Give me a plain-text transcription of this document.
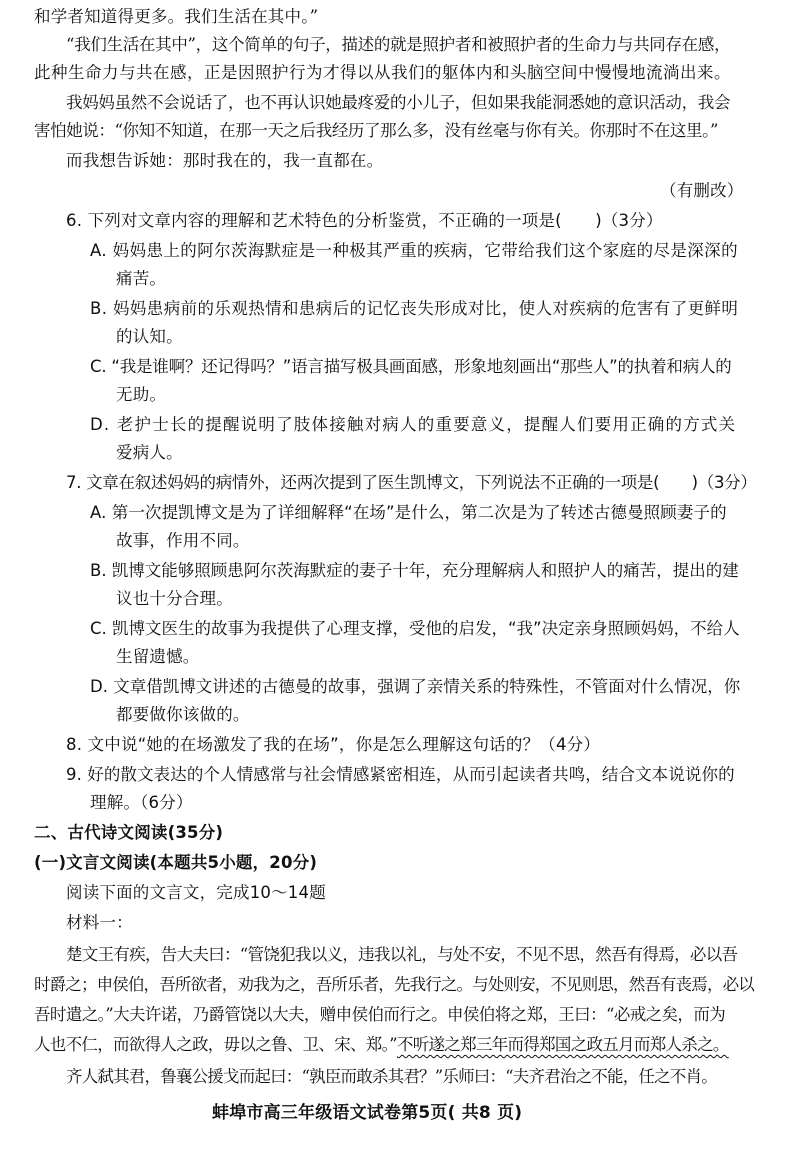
和学者知道得更多。我们生活在其中。”
“我们生活在其中”，这个简单的句子，描述的就是照护者和被照护者的生命力与共同存在感，
此种生命力与共在感，正是因照护行为才得以从我们的躯体内和头脑空间中慢慢地流淌出来。
我妈妈虽然不会说话了，也不再认识她最疼爱的小儿子，但如果我能洞悉她的意识活动，我会
害怕她说：“你知不知道，在那一天之后我经历了那么多，没有丝毫与你有关。你那时不在这里。”
而我想告诉她：那时我在的，我一直都在。
（有删改）
6. 下列对文章内容的理解和艺术特色的分析鉴赏，不正确的一项是(　　)（3分）
A. 妈妈患上的阿尔茨海默症是一种极其严重的疾病，它带给我们这个家庭的尽是深深的
痛苦。
B. 妈妈患病前的乐观热情和患病后的记忆丧失形成对比，使人对疾病的危害有了更鲜明
的认知。
C. “我是谁啊？还记得吗？”语言描写极具画面感，形象地刻画出“那些人”的执着和病人的
无助。
D. 老护士长的提醒说明了肢体接触对病人的重要意义，提醒人们要用正确的方式关
爱病人。
7. 文章在叙述妈妈的病情外，还两次提到了医生凯博文，下列说法不正确的一项是(　　)（3分）
A. 第一次提凯博文是为了详细解释“在场”是什么，第二次是为了转述古德曼照顾妻子的
故事，作用不同。
B. 凯博文能够照顾患阿尔茨海默症的妻子十年，充分理解病人和照护人的痛苦，提出的建
议也十分合理。
C. 凯博文医生的故事为我提供了心理支撑，受他的启发，“我”决定亲身照顾妈妈，不给人
生留遗憾。
D. 文章借凯博文讲述的古德曼的故事，强调了亲情关系的特殊性，不管面对什么情况，你
都要做你该做的。
8. 文中说“她的在场激发了我的在场”，你是怎么理解这句话的？（4分）
9. 好的散文表达的个人情感常与社会情感紧密相连，从而引起读者共鸣，结合文本说说你的
理解。（6分）
二、古代诗文阅读(35分)
(一)文言文阅读(本题共5小题，20分)
阅读下面的文言文，完成10～14题
材料一：
楚文王有疾，告大夫曰：“管饶犯我以义，违我以礼，与处不安，不见不思，然吾有得焉，必以吾
时爵之；申侯伯，吾所欲者，劝我为之，吾所乐者，先我行之。与处则安，不见则思，然吾有丧焉，必以
吾时遣之。”大夫许诺，乃爵管饶以大夫，赠申侯伯而行之。申侯伯将之郑，王曰：“必戒之矣，而为
人也不仁，而欲得人之政，毋以之鲁、卫、宋、郑。”不听遂之郑三年而得郑国之政五月而郑人杀之。
齐人弑其君，鲁襄公援戈而起曰：“孰臣而敢杀其君？”乐师曰：“夫齐君治之不能，任之不肖。
蚌埠市高三年级语文试卷第5页( 共8 页)
